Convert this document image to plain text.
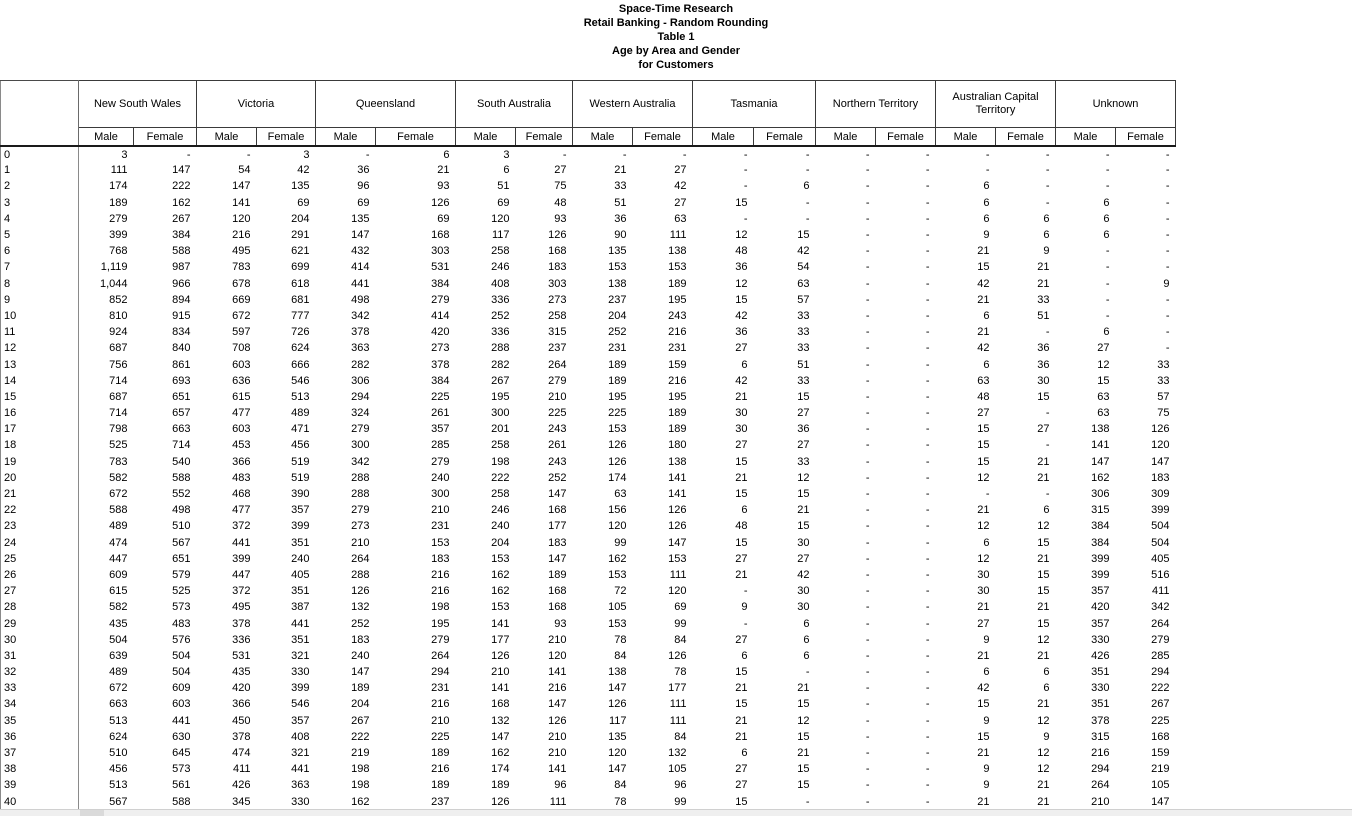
Space-Time Research
Retail Banking - Random Rounding
Table 1
Age by Area and Gender
for Customers
	New South Wales		Victoria		Queensland		South Australia		Western Australia		Tasmania		Northern Territory		Australian Capital Territory		Unknown	
	Male	Female	Male	Female	Male	Female	Male	Female	Male	Female	Male	Female	Male	Female	Male	Female	Male	Female
0	3	-	-	3	-	6	3	-	-	-	-	-	-	-	-	-	-	-
1	111	147	54	42	36	21	6	27	21	27	-	-	-	-	-	-	-	-
2	174	222	147	135	96	93	51	75	33	42	-	6	-	-	6	-	-	-
3	189	162	141	69	69	126	69	48	51	27	15	-	-	-	6	-	6	-
4	279	267	120	204	135	69	120	93	36	63	-	-	-	-	6	6	6	-
5	399	384	216	291	147	168	117	126	90	111	12	15	-	-	9	6	6	-
6	768	588	495	621	432	303	258	168	135	138	48	42	-	-	21	9	-	-
7	1,119	987	783	699	414	531	246	183	153	153	36	54	-	-	15	21	-	-
8	1,044	966	678	618	441	384	408	303	138	189	12	63	-	-	42	21	-	9
9	852	894	669	681	498	279	336	273	237	195	15	57	-	-	21	33	-	-
10	810	915	672	777	342	414	252	258	204	243	42	33	-	-	6	51	-	-
11	924	834	597	726	378	420	336	315	252	216	36	33	-	-	21	-	6	-
12	687	840	708	624	363	273	288	237	231	231	27	33	-	-	42	36	27	-
13	756	861	603	666	282	378	282	264	189	159	6	51	-	-	6	36	12	33
14	714	693	636	546	306	384	267	279	189	216	42	33	-	-	63	30	15	33
15	687	651	615	513	294	225	195	210	195	195	21	15	-	-	48	15	63	57
16	714	657	477	489	324	261	300	225	225	189	30	27	-	-	27	-	63	75
17	798	663	603	471	279	357	201	243	153	189	30	36	-	-	15	27	138	126
18	525	714	453	456	300	285	258	261	126	180	27	27	-	-	15	-	141	120
19	783	540	366	519	342	279	198	243	126	138	15	33	-	-	15	21	147	147
20	582	588	483	519	288	240	222	252	174	141	21	12	-	-	12	21	162	183
21	672	552	468	390	288	300	258	147	63	141	15	15	-	-	-	-	306	309
22	588	498	477	357	279	210	246	168	156	126	6	21	-	-	21	6	315	399
23	489	510	372	399	273	231	240	177	120	126	48	15	-	-	12	12	384	504
24	474	567	441	351	210	153	204	183	99	147	15	30	-	-	6	15	384	504
25	447	651	399	240	264	183	153	147	162	153	27	27	-	-	12	21	399	405
26	609	579	447	405	288	216	162	189	153	111	21	42	-	-	30	15	399	516
27	615	525	372	351	126	216	162	168	72	120	-	30	-	-	30	15	357	411
28	582	573	495	387	132	198	153	168	105	69	9	30	-	-	21	21	420	342
29	435	483	378	441	252	195	141	93	153	99	-	6	-	-	27	15	357	264
30	504	576	336	351	183	279	177	210	78	84	27	6	-	-	9	12	330	279
31	639	504	531	321	240	264	126	120	84	126	6	6	-	-	21	21	426	285
32	489	504	435	330	147	294	210	141	138	78	15	-	-	-	6	6	351	294
33	672	609	420	399	189	231	141	216	147	177	21	21	-	-	42	6	330	222
34	663	603	366	546	204	216	168	147	126	111	15	15	-	-	15	21	351	267
35	513	441	450	357	267	210	132	126	117	111	21	12	-	-	9	12	378	225
36	624	630	378	408	222	225	147	210	135	84	21	15	-	-	15	9	315	168
37	510	645	474	321	219	189	162	210	120	132	6	21	-	-	21	12	216	159
38	456	573	411	441	198	216	174	141	147	105	27	15	-	-	9	12	294	219
39	513	561	426	363	198	189	189	96	84	96	27	15	-	-	9	21	264	105
40	567	588	345	330	162	237	126	111	78	99	15	-	-	-	21	21	210	147
